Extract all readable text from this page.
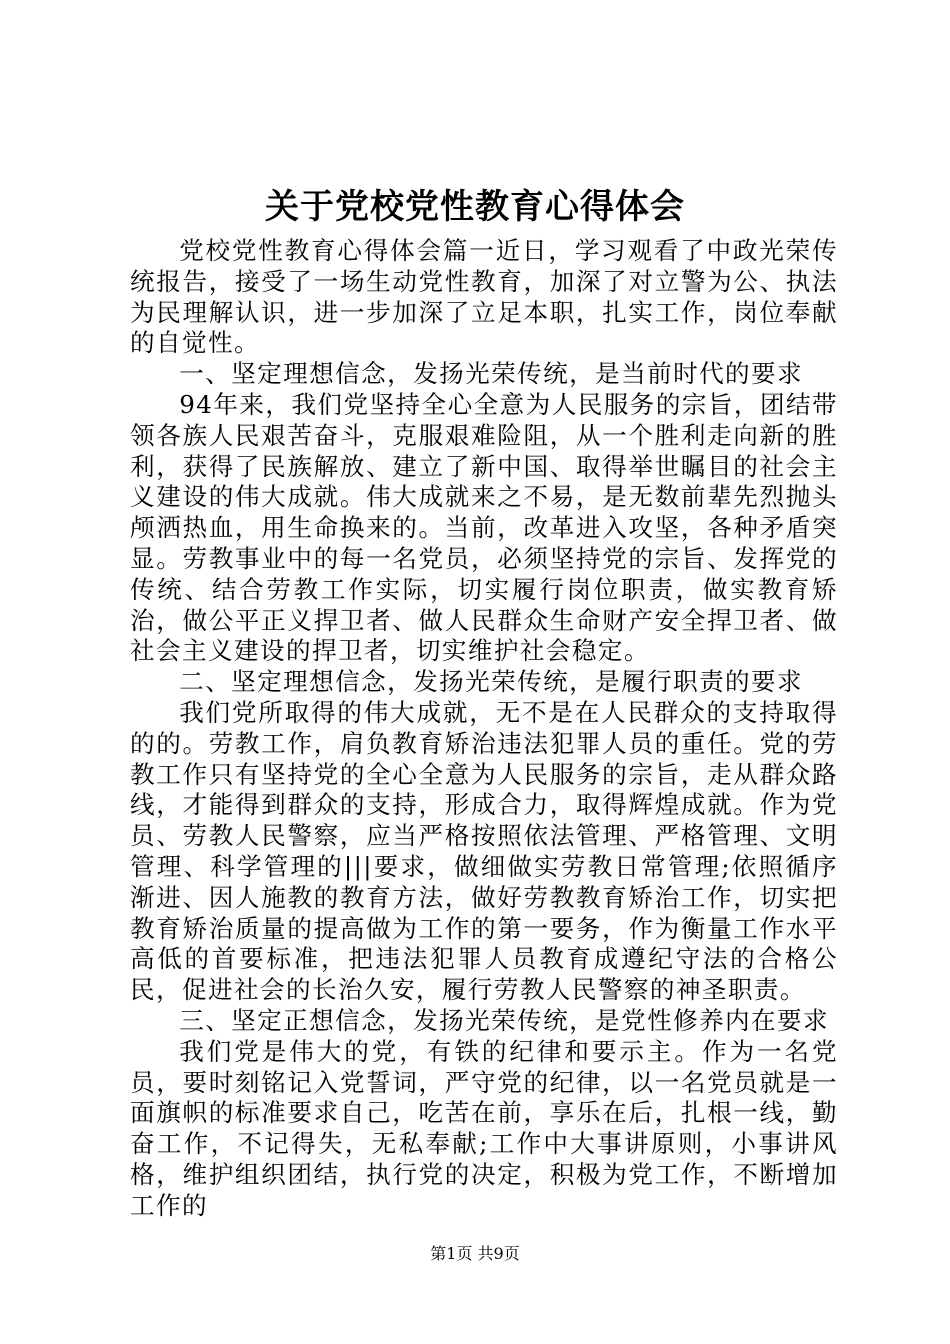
关于党校党性教育心得体会

党校党性教育心得体会篇一近日，学习观看了中政光荣传统报告，接受了一场生动党性教育，加深了对立警为公、执法为民理解认识，进一步加深了立足本职，扎实工作，岗位奉献的自觉性。

一、坚定理想信念，发扬光荣传统，是当前时代的要求

94年来，我们党坚持全心全意为人民服务的宗旨，团结带领各族人民艰苦奋斗，克服艰难险阻，从一个胜利走向新的胜利，获得了民族解放、建立了新中国、取得举世瞩目的社会主义建设的伟大成就。伟大成就来之不易，是无数前辈先烈抛头颅洒热血，用生命换来的。当前，改革进入攻坚，各种矛盾突显。劳教事业中的每一名党员，必须坚持党的宗旨、发挥党的传统、结合劳教工作实际，切实履行岗位职责，做实教育矫治，做公平正义捍卫者、做人民群众生命财产安全捍卫者、做社会主义建设的捍卫者，切实维护社会稳定。

二、坚定理想信念，发扬光荣传统，是履行职责的要求

我们党所取得的伟大成就，无不是在人民群众的支持取得的的。劳教工作，肩负教育矫治违法犯罪人员的重任。党的劳教工作只有坚持党的全心全意为人民服务的宗旨，走从群众路线，才能得到群众的支持，形成合力，取得辉煌成就。作为党员、劳教人民警察，应当严格按照依法管理、严格管理、文明管理、科学管理的|||要求，做细做实劳教日常管理;依照循序渐进、因人施教的教育方法，做好劳教教育矫治工作，切实把教育矫治质量的提高做为工作的第一要务，作为衡量工作水平高低的首要标准，把违法犯罪人员教育成遵纪守法的合格公民，促进社会的长治久安，履行劳教人民警察的神圣职责。

三、坚定正想信念，发扬光荣传统，是党性修养内在要求

我们党是伟大的党，有铁的纪律和要示主。作为一名党员，要时刻铭记入党誓词，严守党的纪律，以一名党员就是一面旗帜的标准要求自己，吃苦在前，享乐在后，扎根一线，勤奋工作，不记得失，无私奉献;工作中大事讲原则，小事讲风格，维护组织团结，执行党的决定，积极为党工作，不断增加工作的

第1页 共9页
